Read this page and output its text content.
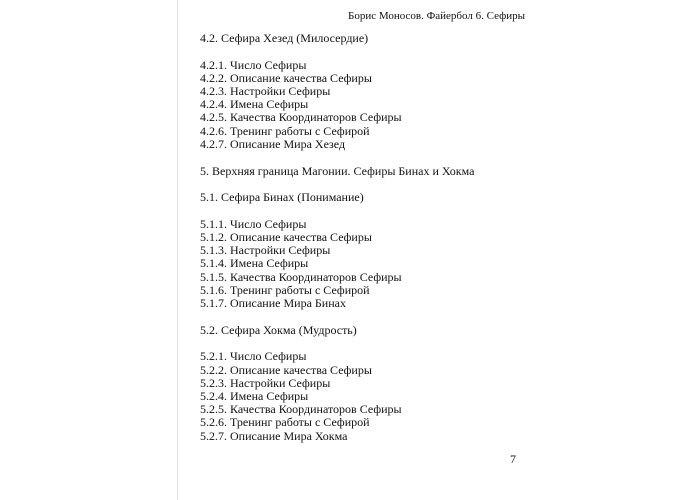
Борис Моносов. Файербол 6. Сефиры
4.2. Сефира Хезед (Милосердие)
4.2.1. Число Сефиры
4.2.2. Описание качества Сефиры
4.2.3. Настройки Сефиры
4.2.4. Имена Сефиры
4.2.5. Качества Координаторов Сефиры
4.2.6. Тренинг работы с Сефирой
4.2.7. Описание Мира Хезед
5. Верхняя граница Магонии. Сефиры Бинах и Хокма
5.1. Сефира Бинах (Понимание)
5.1.1. Число Сефиры
5.1.2. Описание качества Сефиры
5.1.3. Настройки Сефиры
5.1.4. Имена Сефиры
5.1.5. Качества Координаторов Сефиры
5.1.6. Тренинг работы с Сефирой
5.1.7. Описание Мира Бинах
5.2. Сефира Хокма (Мудрость)
5.2.1. Число Сефиры
5.2.2. Описание качества Сефиры
5.2.3. Настройки Сефиры
5.2.4. Имена Сефиры
5.2.5. Качества Координаторов Сефиры
5.2.6. Тренинг работы с Сефирой
5.2.7. Описание Мира Хокма
7
